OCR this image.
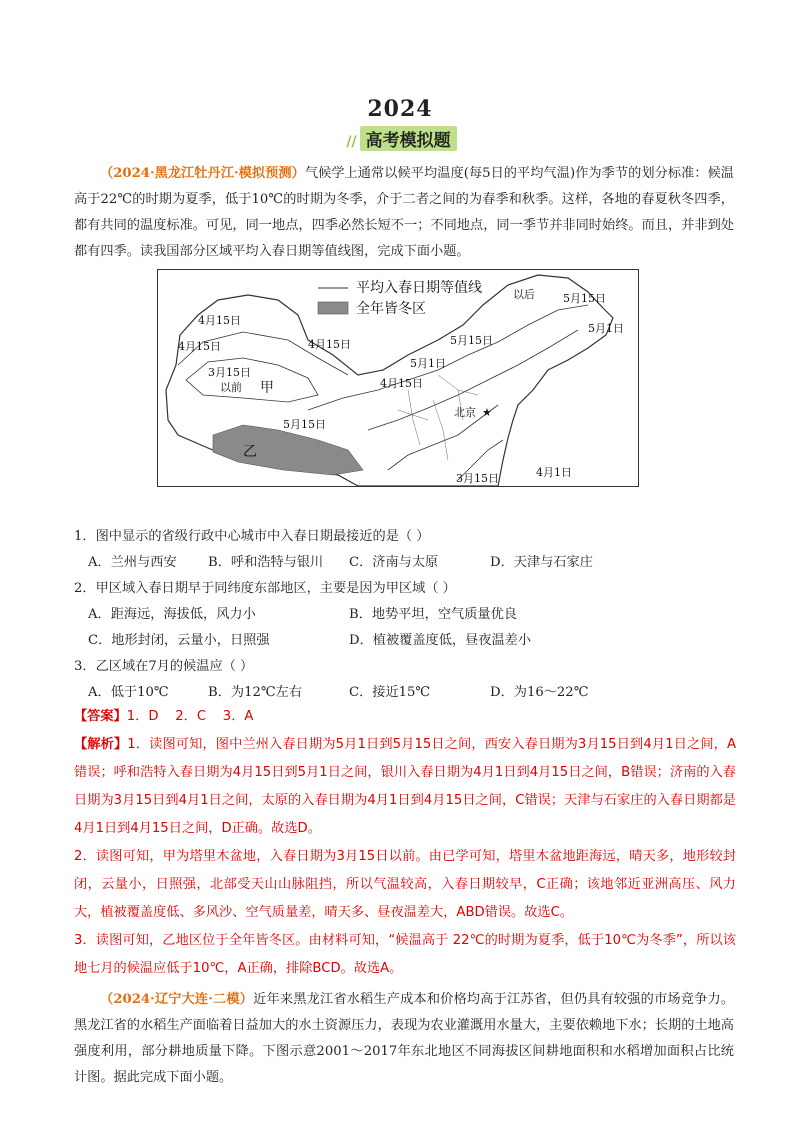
2024
// 高考模拟题
（2024·黑龙江牡丹江·模拟预测）气候学上通常以候平均温度(每5日的平均气温)作为季节的划分标准：候温高于22℃的时期为夏季，低于10℃的时期为冬季，介于二者之间的为春季和秋季。这样，各地的春夏秋冬四季，都有共同的温度标准。可见，同一地点，四季必然长短不一；不同地点，同一季节并非同时始终。而且，并非到处都有四季。读我国部分区域平均入春日期等值线图，完成下面小题。
平均入春日期等值线
全年皆冬区
以后	5月15日
5月1日
4月15日
4月15日	4月15日	5月15日
3月15日
以前 甲
5月1日
4月15日
北京 ★
5月15日
乙
4月1日
3月15日
1．图中显示的省级行政中心城市中入春日期最接近的是（ ）
A．兰州与西安 B．呼和浩特与银川 C．济南与太原	D．天津与石家庄
2．甲区域入春日期早于同纬度东部地区，主要是因为甲区域（ ）
A．距海远，海拔低，风力小	B．地势平坦，空气质量优良
C．地形封闭，云量小，日照强	D．植被覆盖度低，昼夜温差小
3．乙区域在7月的候温应（ ）
A．低于10℃	B．为12℃左右	C．接近15℃	D．为16～22℃
【答案】1．D    2．C    3．A
【解析】1．读图可知，图中兰州入春日期为5月1日到5月15日之间，西安入春日期为3月15日到4月1日之间，A错误；呼和浩特入春日期为4月15日到5月1日之间，银川入春日期为4月1日到4月15日之间，B错误；济南的入春日期为3月15日到4月1日之间，太原的入春日期为4月1日到4月15日之间，C错误；天津与石家庄的入春日期都是4月1日到4月15日之间，D正确。故选D。
2．读图可知，甲为塔里木盆地，入春日期为3月15日以前。由已学可知，塔里木盆地距海远，晴天多，地形较封闭，云量小，日照强，北部受天山山脉阻挡，所以气温较高，入春日期较早，C正确；该地邻近亚洲高压、风力大，植被覆盖度低、多风沙、空气质量差，晴天多、昼夜温差大，ABD错误。故选C。
3．读图可知，乙地区位于全年皆冬区。由材料可知，“候温高于 22℃的时期为夏季，低于10℃为冬季”，所以该地七月的候温应低于10℃，A正确，排除BCD。故选A。
（2024·辽宁大连·二模）近年来黑龙江省水稻生产成本和价格均高于江苏省，但仍具有较强的市场竞争力。黑龙江省的水稻生产面临着日益加大的水土资源压力，表现为农业灌溉用水量大，主要依赖地下水；长期的土地高强度利用，部分耕地质量下降。下图示意2001～2017年东北地区不同海拔区间耕地面积和水稻增加面积占比统计图。据此完成下面小题。
